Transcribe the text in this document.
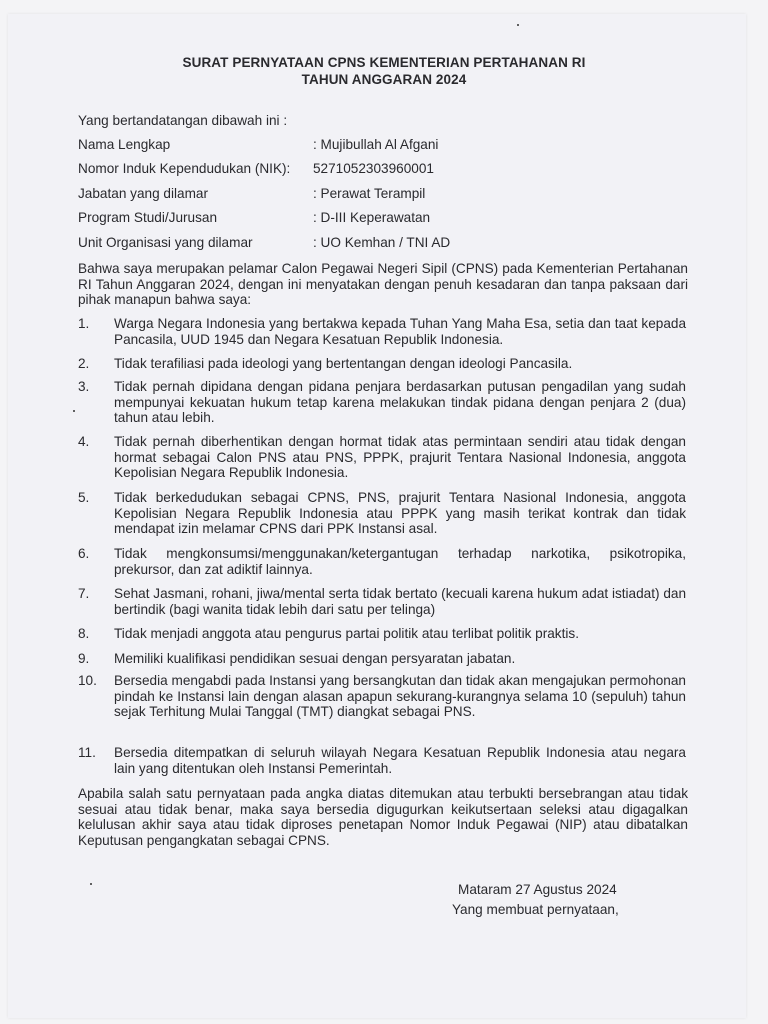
SURAT PERNYATAAN CPNS KEMENTERIAN PERTAHANAN RI
TAHUN ANGGARAN 2024
Yang bertandatangan dibawah ini :
Nama Lengkap	: Mujibullah Al Afgani
Nomor Induk Kependudukan (NIK): 5271052303960001
Jabatan yang dilamar	: Perawat Terampil
Program Studi/Jurusan	: D-III Keperawatan
Unit Organisasi yang dilamar	: UO Kemhan / TNI AD
Bahwa saya merupakan pelamar Calon Pegawai Negeri Sipil (CPNS) pada Kementerian Pertahanan RI Tahun Anggaran 2024, dengan ini menyatakan dengan penuh kesadaran dan tanpa paksaan dari pihak manapun bahwa saya:
1.	Warga Negara Indonesia yang bertakwa kepada Tuhan Yang Maha Esa, setia dan taat kepada Pancasila, UUD 1945 dan Negara Kesatuan Republik Indonesia.
2.	Tidak terafiliasi pada ideologi yang bertentangan dengan ideologi Pancasila.
3.	Tidak pernah dipidana dengan pidana penjara berdasarkan putusan pengadilan yang sudah mempunyai kekuatan hukum tetap karena melakukan tindak pidana dengan penjara 2 (dua) tahun atau lebih.
4.	Tidak pernah diberhentikan dengan hormat tidak atas permintaan sendiri atau tidak dengan hormat sebagai Calon PNS atau PNS, PPPK, prajurit Tentara Nasional Indonesia, anggota Kepolisian Negara Republik Indonesia.
5.	Tidak berkedudukan sebagai CPNS, PNS, prajurit Tentara Nasional Indonesia, anggota Kepolisian Negara Republik Indonesia atau PPPK yang masih terikat kontrak dan tidak mendapat izin melamar CPNS dari PPK Instansi asal.
6.	Tidak mengkonsumsi/menggunakan/ketergantugan terhadap narkotika, psikotropika, prekursor, dan zat adiktif lainnya.
7.	Sehat Jasmani, rohani, jiwa/mental serta tidak bertato (kecuali karena hukum adat istiadat) dan bertindik (bagi wanita tidak lebih dari satu per telinga)
8.	Tidak menjadi anggota atau pengurus partai politik atau terlibat politik praktis.
9.	Memiliki kualifikasi pendidikan sesuai dengan persyaratan jabatan.
10.	Bersedia mengabdi pada Instansi yang bersangkutan dan tidak akan mengajukan permohonan pindah ke Instansi lain dengan alasan apapun sekurang-kurangnya selama 10 (sepuluh) tahun sejak Terhitung Mulai Tanggal (TMT) diangkat sebagai PNS.
11.	Bersedia ditempatkan di seluruh wilayah Negara Kesatuan Republik Indonesia atau negara lain yang ditentukan oleh Instansi Pemerintah.
Apabila salah satu pernyataan pada angka diatas ditemukan atau terbukti bersebrangan atau tidak sesuai atau tidak benar, maka saya bersedia digugurkan keikutsertaan seleksi atau digagalkan kelulusan akhir saya atau tidak diproses penetapan Nomor Induk Pegawai (NIP) atau dibatalkan Keputusan pengangkatan sebagai CPNS.
Mataram 27 Agustus 2024
Yang membuat pernyataan,
